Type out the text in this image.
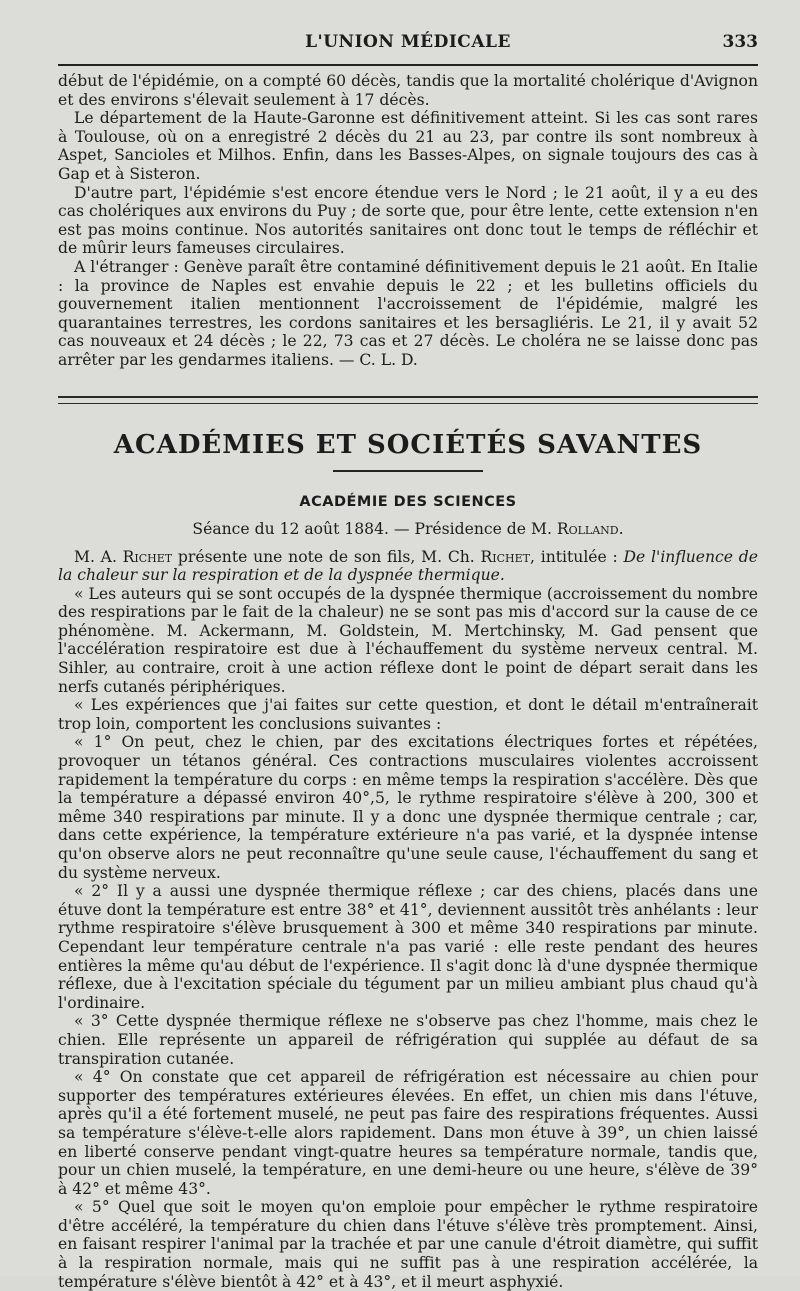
L'UNION MÉDICALE	333

début de l'épidémie, on a compté 60 décès, tandis que la mortalité cholérique d'Avignon et des environs s'élevait seulement à 17 décès.

Le département de la Haute-Garonne est définitivement atteint. Si les cas sont rares à Toulouse, où on a enregistré 2 décès du 21 au 23, par contre ils sont nombreux à Aspet, Sancioles et Milhos. Enfin, dans les Basses-Alpes, on signale toujours des cas à Gap et à Sisteron.

D'autre part, l'épidémie s'est encore étendue vers le Nord ; le 21 août, il y a eu des cas cholériques aux environs du Puy ; de sorte que, pour être lente, cette extension n'en est pas moins continue. Nos autorités sanitaires ont donc tout le temps de réfléchir et de mûrir leurs fameuses circulaires.

A l'étranger : Genève paraît être contaminé définitivement depuis le 21 août. En Italie : la province de Naples est envahie depuis le 22 ; et les bulletins officiels du gouvernement italien mentionnent l'accroissement de l'épidémie, malgré les quarantaines terrestres, les cordons sanitaires et les bersagliéris. Le 21, il y avait 52 cas nouveaux et 24 décès ; le 22, 73 cas et 27 décès. Le choléra ne se laisse donc pas arrêter par les gendarmes italiens. — C. L. D.

ACADÉMIES ET SOCIÉTÉS SAVANTES
ACADÉMIE DES SCIENCES
Séance du 12 août 1884. — Présidence de M. Rolland.

M. A. Richet présente une note de son fils, M. Ch. Richet, intitulée : De l'influence de la chaleur sur la respiration et de la dyspnée thermique.

« Les auteurs qui se sont occupés de la dyspnée thermique (accroissement du nombre des respirations par le fait de la chaleur) ne se sont pas mis d'accord sur la cause de ce phénomène. M. Ackermann, M. Goldstein, M. Mertchinsky, M. Gad pensent que l'accélération respiratoire est due à l'échauffement du système nerveux central. M. Sihler, au contraire, croit à une action réflexe dont le point de départ serait dans les nerfs cutanés périphériques.

« Les expériences que j'ai faites sur cette question, et dont le détail m'entraînerait trop loin, comportent les conclusions suivantes :

« 1° On peut, chez le chien, par des excitations électriques fortes et répétées, provoquer un tétanos général. Ces contractions musculaires violentes accroissent rapidement la température du corps : en même temps la respiration s'accélère. Dès que la température a dépassé environ 40°,5, le rythme respiratoire s'élève à 200, 300 et même 340 respirations par minute. Il y a donc une dyspnée thermique centrale ; car, dans cette expérience, la température extérieure n'a pas varié, et la dyspnée intense qu'on observe alors ne peut reconnaître qu'une seule cause, l'échauffement du sang et du système nerveux.

« 2° Il y a aussi une dyspnée thermique réflexe ; car des chiens, placés dans une étuve dont la température est entre 38° et 41°, deviennent aussitôt très anhélants : leur rythme respiratoire s'élève brusquement à 300 et même 340 respirations par minute. Cependant leur température centrale n'a pas varié : elle reste pendant des heures entières la même qu'au début de l'expérience. Il s'agit donc là d'une dyspnée thermique réflexe, due à l'excitation spéciale du tégument par un milieu ambiant plus chaud qu'à l'ordinaire.

« 3° Cette dyspnée thermique réflexe ne s'observe pas chez l'homme, mais chez le chien. Elle représente un appareil de réfrigération qui supplée au défaut de sa transpiration cutanée.

« 4° On constate que cet appareil de réfrigération est nécessaire au chien pour supporter des températures extérieures élevées. En effet, un chien mis dans l'étuve, après qu'il a été fortement muselé, ne peut pas faire des respirations fréquentes. Aussi sa température s'élève-t-elle alors rapidement. Dans mon étuve à 39°, un chien laissé en liberté conserve pendant vingt-quatre heures sa température normale, tandis que, pour un chien muselé, la température, en une demi-heure ou une heure, s'élève de 39° à 42° et même 43°.

« 5° Quel que soit le moyen qu'on emploie pour empêcher le rythme respiratoire d'être accéléré, la température du chien dans l'étuve s'élève très promptement. Ainsi, en faisant respirer l'animal par la trachée et par une canule d'étroit diamètre, qui suffit à la respiration normale, mais qui ne suffit pas à une respiration accélérée, la température s'élève bientôt à 42° et à 43°, et il meurt asphyxié.
